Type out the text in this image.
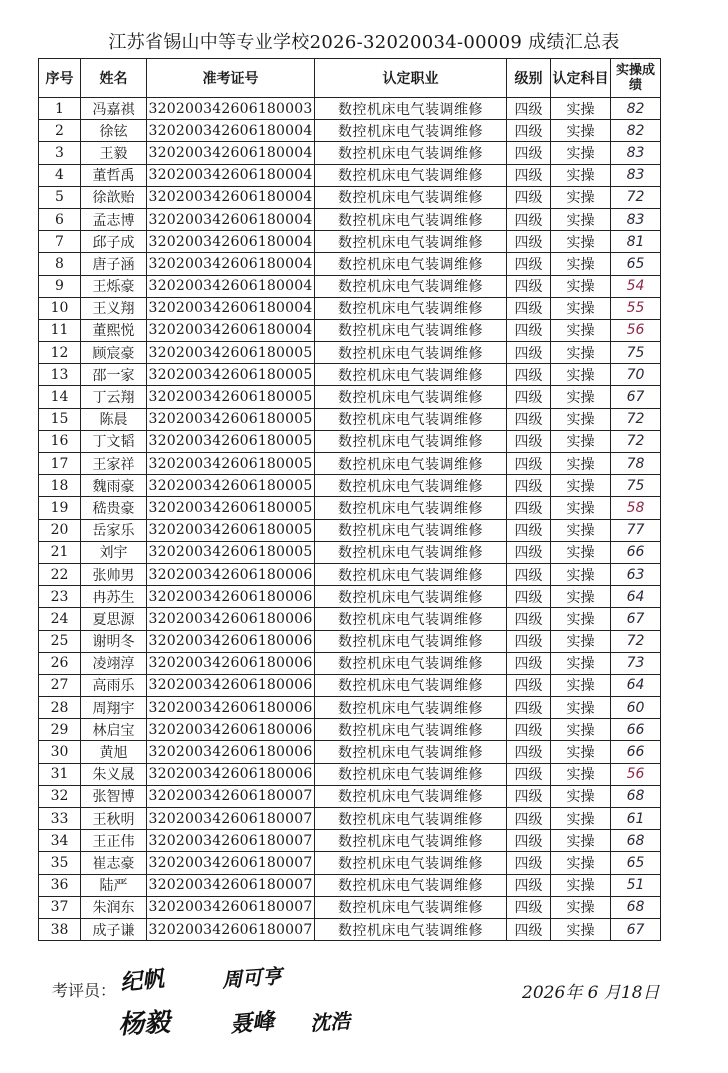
江苏省锡山中等专业学校2026-32020034-00009 成绩汇总表
序号	姓名	准考证号	认定职业	级别	认定科目	实操成绩
1	冯嘉祺	320200342606180003	数控机床电气装调维修	四级	实操	82
2	徐铉	320200342606180004	数控机床电气装调维修	四级	实操	82
3	王毅	320200342606180004	数控机床电气装调维修	四级	实操	83
4	董哲禹	320200342606180004	数控机床电气装调维修	四级	实操	83
5	徐歆贻	320200342606180004	数控机床电气装调维修	四级	实操	72
6	孟志博	320200342606180004	数控机床电气装调维修	四级	实操	83
7	邱子成	320200342606180004	数控机床电气装调维修	四级	实操	81
8	唐子涵	320200342606180004	数控机床电气装调维修	四级	实操	65
9	王烁豪	320200342606180004	数控机床电气装调维修	四级	实操	54
10	王义翔	320200342606180004	数控机床电气装调维修	四级	实操	55
11	董熙悦	320200342606180004	数控机床电气装调维修	四级	实操	56
12	顾宸豪	320200342606180005	数控机床电气装调维修	四级	实操	75
13	邵一家	320200342606180005	数控机床电气装调维修	四级	实操	70
14	丁云翔	320200342606180005	数控机床电气装调维修	四级	实操	67
15	陈晨	320200342606180005	数控机床电气装调维修	四级	实操	72
16	丁文韬	320200342606180005	数控机床电气装调维修	四级	实操	72
17	王家祥	320200342606180005	数控机床电气装调维修	四级	实操	78
18	魏雨豪	320200342606180005	数控机床电气装调维修	四级	实操	75
19	嵇贵豪	320200342606180005	数控机床电气装调维修	四级	实操	58
20	岳家乐	320200342606180005	数控机床电气装调维修	四级	实操	77
21	刘宇	320200342606180005	数控机床电气装调维修	四级	实操	66
22	张帅男	320200342606180006	数控机床电气装调维修	四级	实操	63
23	冉苏生	320200342606180006	数控机床电气装调维修	四级	实操	64
24	夏思源	320200342606180006	数控机床电气装调维修	四级	实操	67
25	谢明冬	320200342606180006	数控机床电气装调维修	四级	实操	72
26	凌翊淳	320200342606180006	数控机床电气装调维修	四级	实操	73
27	高雨乐	320200342606180006	数控机床电气装调维修	四级	实操	64
28	周翔宇	320200342606180006	数控机床电气装调维修	四级	实操	60
29	林启宝	320200342606180006	数控机床电气装调维修	四级	实操	66
30	黄旭	320200342606180006	数控机床电气装调维修	四级	实操	66
31	朱义晟	320200342606180006	数控机床电气装调维修	四级	实操	56
32	张智博	320200342606180007	数控机床电气装调维修	四级	实操	68
33	王秋明	320200342606180007	数控机床电气装调维修	四级	实操	61
34	王正伟	320200342606180007	数控机床电气装调维修	四级	实操	68
35	崔志豪	320200342606180007	数控机床电气装调维修	四级	实操	65
36	陆严	320200342606180007	数控机床电气装调维修	四级	实操	51
37	朱润东	320200342606180007	数控机床电气装调维修	四级	实操	68
38	成子谦	320200342606180007	数控机床电气装调维修	四级	实操	67
考评员： 纪帆	周可亨
杨毅	聂峰 沈浩
2026年 6 月18日
